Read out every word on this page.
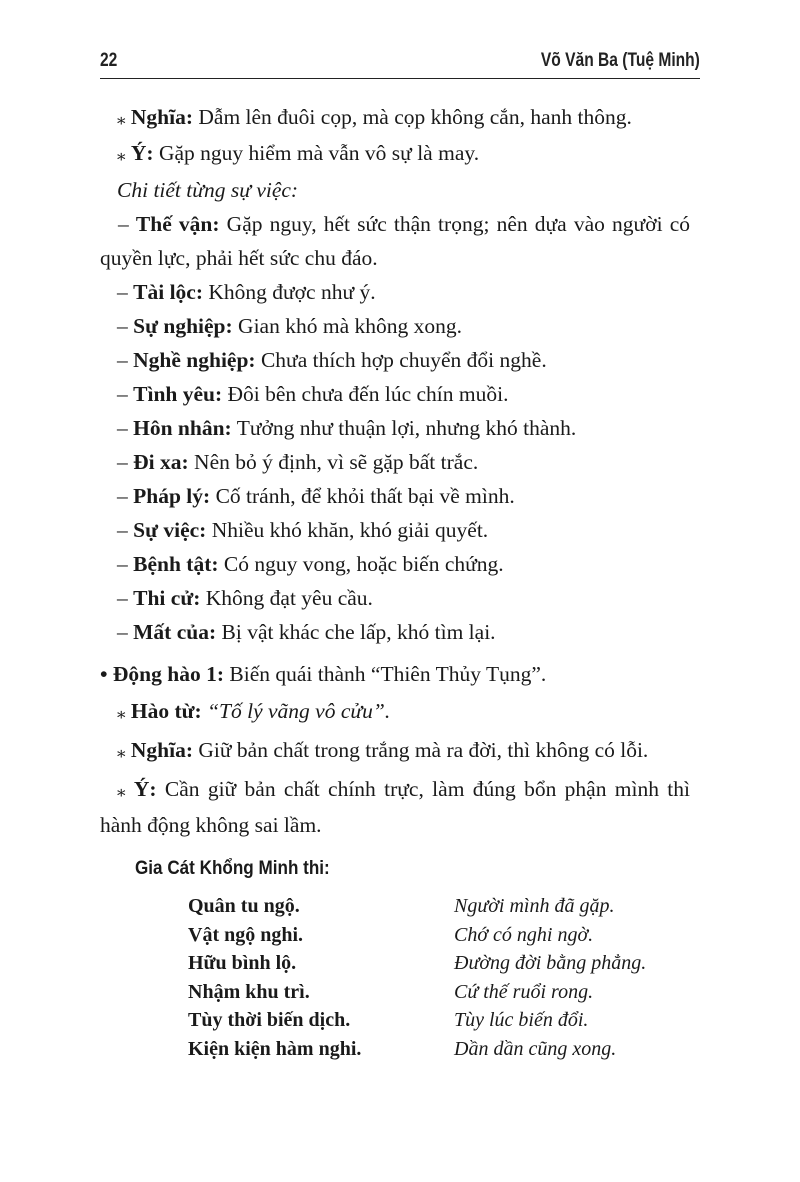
22	Võ Văn Ba (Tuệ Minh)
⁎ Nghĩa: Dẫm lên đuôi cọp, mà cọp không cắn, hanh thông.
⁎ Ý: Gặp nguy hiểm mà vẫn vô sự là may.
Chi tiết từng sự việc:
– Thế vận: Gặp nguy, hết sức thận trọng; nên dựa vào người có quyền lực, phải hết sức chu đáo.
– Tài lộc: Không được như ý.
– Sự nghiệp: Gian khó mà không xong.
– Nghề nghiệp: Chưa thích hợp chuyển đổi nghề.
– Tình yêu: Đôi bên chưa đến lúc chín muồi.
– Hôn nhân: Tưởng như thuận lợi, nhưng khó thành.
– Đi xa: Nên bỏ ý định, vì sẽ gặp bất trắc.
– Pháp lý: Cố tránh, để khỏi thất bại về mình.
– Sự việc: Nhiều khó khăn, khó giải quyết.
– Bệnh tật: Có nguy vong, hoặc biến chứng.
– Thi cử: Không đạt yêu cầu.
– Mất của: Bị vật khác che lấp, khó tìm lại.
• Động hào 1: Biến quái thành “Thiên Thủy Tụng”.
⁎ Hào từ: “Tố lý vãng vô cửu”.
⁎ Nghĩa: Giữ bản chất trong trắng mà ra đời, thì không có lỗi.
⁎ Ý: Cần giữ bản chất chính trực, làm đúng bổn phận mình thì hành động không sai lầm.
Gia Cát Khổng Minh thi:
Quân tu ngộ.	Người mình đã gặp.
Vật ngộ nghi.	Chớ có nghi ngờ.
Hữu bình lộ.	Đường đời bằng phẳng.
Nhậm khu trì.	Cứ thế ruổi rong.
Tùy thời biến dịch.	Tùy lúc biến đổi.
Kiện kiện hàm nghi.	Dần dần cũng xong.
